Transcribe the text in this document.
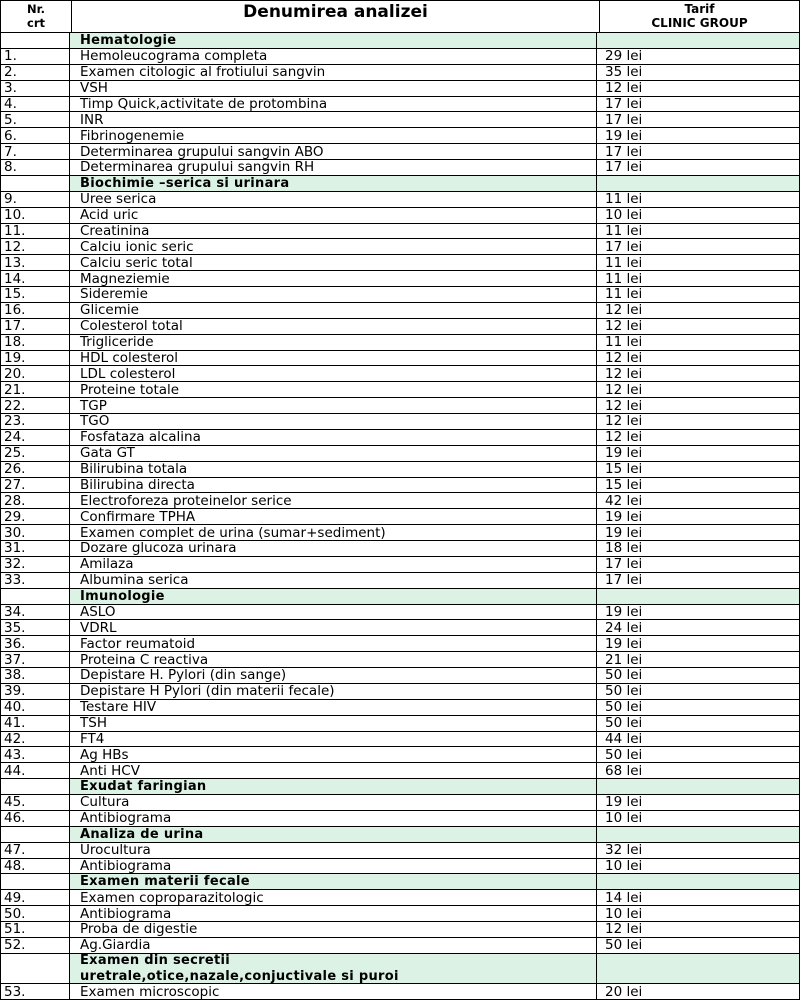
Nr.
crt
Denumirea analizei	Tarif
CLINIC GROUP
Hematologie
1.	Hemoleucograma completa	29 lei
2.	Examen citologic al frotiului sangvin	35 lei
3.	VSH	12 lei
4.	Timp Quick,activitate de protombina	17 lei
5.	INR	17 lei
6.	Fibrinogenemie	19 lei
7.	Determinarea grupului sangvin ABO	17 lei
8.	Determinarea grupului sangvin RH	17 lei
Biochimie –serica si urinara
9.	Uree serica	11 lei
10.	Acid uric	10 lei
11.	Creatinina	11 lei
12.	Calciu ionic seric	17 lei
13.	Calciu seric total	11 lei
14.	Magneziemie	11 lei
15.	Sideremie	11 lei
16.	Glicemie	12 lei
17.	Colesterol total	12 lei
18.	Trigliceride	11 lei
19.	HDL colesterol	12 lei
20.	LDL colesterol	12 lei
21.	Proteine totale	12 lei
22.	TGP	12 lei
23.	TGO	12 lei
24.	Fosfataza alcalina	12 lei
25.	Gata GT	19 lei
26.	Bilirubina totala	15 lei
27.	Bilirubina directa	15 lei
28.	Electroforeza proteinelor serice	42 lei
29.	Confirmare TPHA	19 lei
30.	Examen complet de urina (sumar+sediment)	19 lei
31.	Dozare glucoza urinara	18 lei
32.	Amilaza	17 lei
33.	Albumina serica	17 lei
Imunologie
34.	ASLO	19 lei
35.	VDRL	24 lei
36.	Factor reumatoid	19 lei
37.	Proteina C reactiva	21 lei
38.	Depistare H. Pylori (din sange)	50 lei
39.	Depistare H Pylori (din materii fecale)	50 lei
40.	Testare HIV	50 lei
41.	TSH	50 lei
42.	FT4	44 lei
43.	Ag HBs	50 lei
44.	Anti HCV	68 lei
Exudat faringian
45.	Cultura	19 lei
46.	Antibiograma	10 lei
Analiza de urina
47.	Urocultura	32 lei
48.	Antibiograma	10 lei
Examen materii fecale
49.	Examen coproparazitologic	14 lei
50.	Antibiograma	10 lei
51.	Proba de digestie	12 lei
52.	Ag.Giardia	50 lei
Examen din secretii
uretrale,otice,nazale,conjuctivale si puroi
53.	Examen microscopic	20 lei
